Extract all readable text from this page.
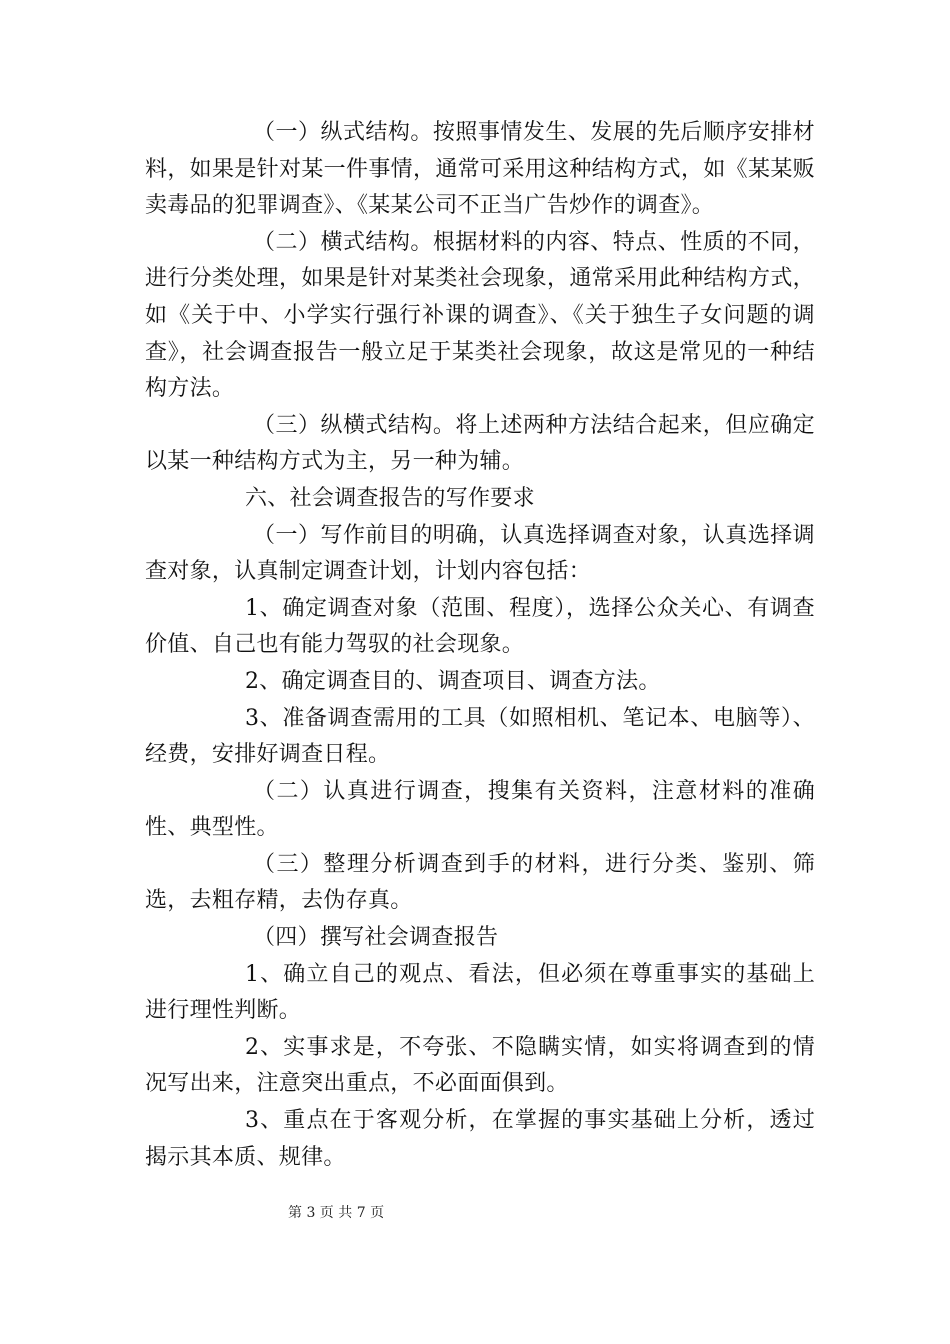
（一）纵式结构。按照事情发生、发展的先后顺序安排材料，如果是针对某一件事情，通常可采用这种结构方式，如《某某贩卖毒品的犯罪调查》、《某某公司不正当广告炒作的调查》。

（二）横式结构。根据材料的内容、特点、性质的不同，进行分类处理，如果是针对某类社会现象，通常采用此种结构方式，如《关于中、小学实行强行补课的调查》、《关于独生子女问题的调查》，社会调查报告一般立足于某类社会现象，故这是常见的一种结构方法。

（三）纵横式结构。将上述两种方法结合起来，但应确定以某一种结构方式为主，另一种为辅。

六、社会调查报告的写作要求

（一）写作前目的明确，认真选择调查对象，认真选择调查对象，认真制定调查计划，计划内容包括：

1、确定调查对象（范围、程度），选择公众关心、有调查价值、自己也有能力驾驭的社会现象。

2、确定调查目的、调查项目、调查方法。

3、准备调查需用的工具（如照相机、笔记本、电脑等）、经费，安排好调查日程。

（二）认真进行调查，搜集有关资料，注意材料的准确性、典型性。

（三）整理分析调查到手的材料，进行分类、鉴别、筛选，去粗存精，去伪存真。

（四）撰写社会调查报告

1、确立自己的观点、看法，但必须在尊重事实的基础上进行理性判断。

2、实事求是，不夸张、不隐瞒实情，如实将调查到的情况写出来，注意突出重点，不必面面俱到。

3、重点在于客观分析，在掌握的事实基础上分析，透过揭示其本质、规律。

第 3 页 共 7 页
